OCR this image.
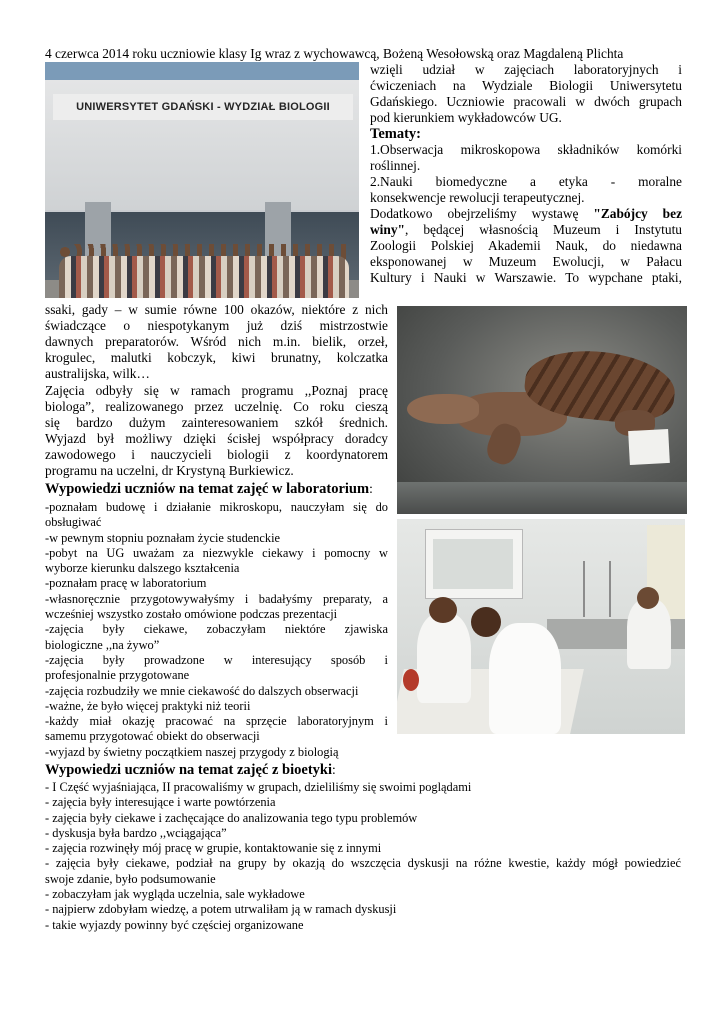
4 czerwca 2014 roku uczniowie klasy Ig wraz z wychowawcą, Bożeną Wesołowską oraz Magdaleną Plichta
UNIWERSYTET GDAŃSKI - WYDZIAŁ BIOLOGII
wzięli udział w zajęciach laboratoryjnych i
ćwiczeniach na Wydziale Biologii Uniwersytetu
Gdańskiego. Uczniowie pracowali w dwóch grupach
pod kierunkiem wykładowców UG.
Tematy:
1.Obserwacja mikroskopowa składników komórki
roślinnej.
2.Nauki biomedyczne a etyka - moralne
konsekwencje rewolucji terapeutycznej.
Dodatkowo obejrzeliśmy wystawę "Zabójcy bez
winy", będącej własnością Muzeum i Instytutu
Zoologii Polskiej Akademii Nauk, do niedawna
eksponowanej w Muzeum Ewolucji, w Pałacu
Kultury i Nauki w Warszawie. To wypchane ptaki,
ssaki, gady – w sumie równe 100 okazów, niektóre z nich
świadczące o niespotykanym już dziś mistrzostwie
dawnych preparatorów. Wśród nich m.in. bielik, orzeł,
krogulec, malutki kobczyk, kiwi brunatny, kolczatka
australijska, wilk…
Zajęcia odbyły się w ramach programu ,,Poznaj pracę
biologa”, realizowanego przez uczelnię. Co roku cieszą
się bardzo dużym zainteresowaniem szkół średnich.
Wyjazd był możliwy dzięki ścisłej współpracy doradcy
zawodowego i nauczycieli biologii z koordynatorem
programu na uczelni, dr Krystyną Burkiewicz.
Wypowiedzi uczniów na temat zajęć w laboratorium:
-poznałam budowę i działanie mikroskopu, nauczyłam się do
obsługiwać
-w pewnym stopniu poznałam życie studenckie
-pobyt na UG uważam za niezwykle ciekawy i pomocny w
wyborze kierunku dalszego kształcenia
-poznałam pracę w laboratorium
-własnoręcznie przygotowywałyśmy i badałyśmy preparaty, a
wcześniej wszystko zostało omówione podczas prezentacji
-zajęcia były ciekawe, zobaczyłam niektóre zjawiska
biologiczne ,,na żywo”
-zajęcia były prowadzone w interesujący sposób i
profesjonalnie przygotowane
-zajęcia rozbudziły we mnie ciekawość do dalszych obserwacji
-ważne, że było więcej praktyki niż teorii
-każdy miał okazję pracować na sprzęcie laboratoryjnym i
samemu przygotować obiekt do obserwacji
-wyjazd by świetny początkiem naszej przygody z biologią
Wypowiedzi uczniów na temat zajęć z bioetyki:
- I Część wyjaśniająca, II pracowaliśmy w grupach, dzieliliśmy się swoimi poglądami
- zajęcia były interesujące i warte powtórzenia
- zajęcia były ciekawe i zachęcające do analizowania tego typu problemów
- dyskusja była bardzo ,,wciągająca”
- zajęcia rozwinęły mój pracę w grupie, kontaktowanie się z innymi
- zajęcia były ciekawe, podział na grupy by okazją do wszczęcia dyskusji na różne kwestie, każdy mógł powiedzieć
swoje zdanie, było podsumowanie
- zobaczyłam jak wygląda uczelnia, sale wykładowe
- najpierw zdobyłam wiedzę, a potem utrwaliłam ją w ramach dyskusji
- takie wyjazdy powinny być częściej organizowane
